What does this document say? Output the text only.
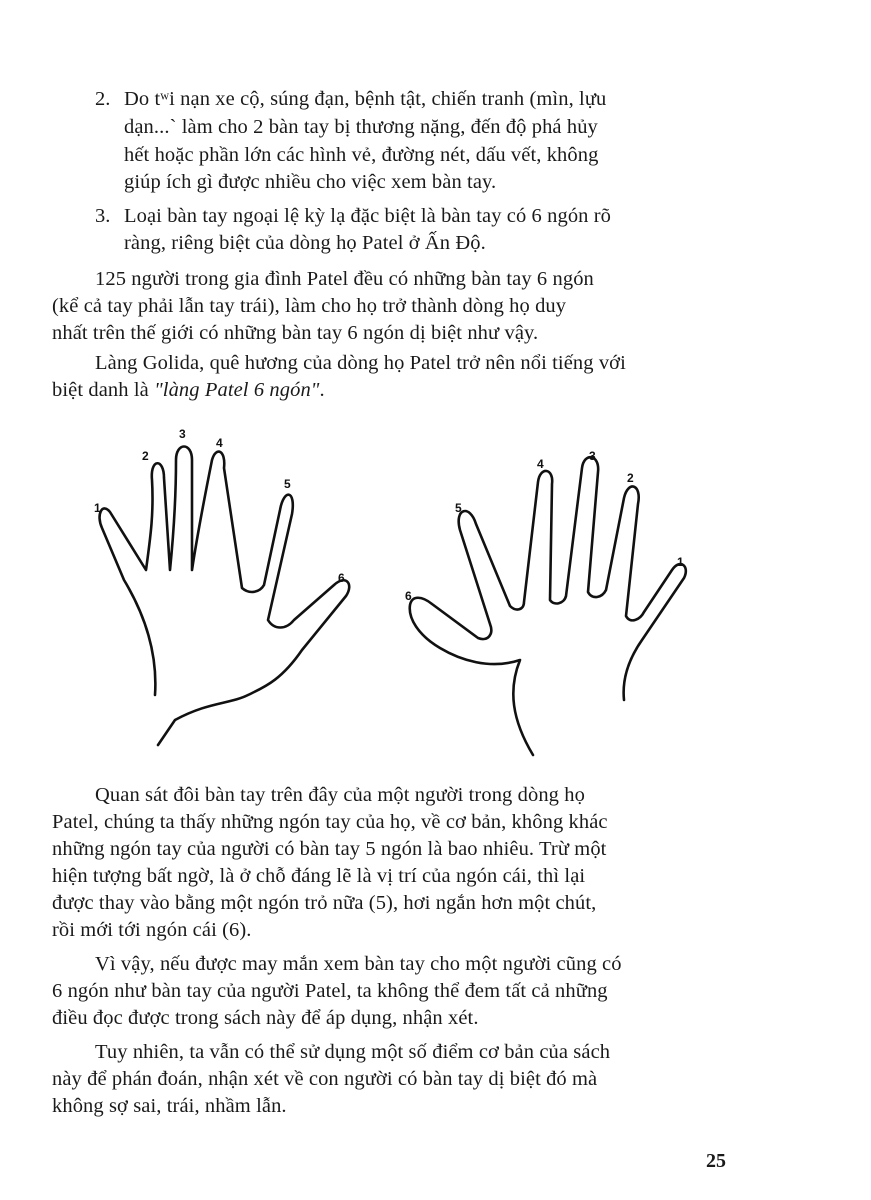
2. Do tʷi nạn xe cộ, súng đạn, bệnh tật, chiến tranh (mìn, lựu
dạn...` làm cho 2 bàn tay bị thương nặng, đến độ phá hủy
hết hoặc phần lớn các hình vẻ, đường nét, dấu vết, không
giúp ích gì được nhiều cho việc xem bàn tay.
3. Loại bàn tay ngoại lệ kỳ lạ đặc biệt là bàn tay có 6 ngón rõ
ràng, riêng biệt của dòng họ Patel ở Ấn Độ.
125 người trong gia đình Patel đều có những bàn tay 6 ngón
(kể cả tay phải lẫn tay trái), làm cho họ trở thành dòng họ duy
nhất trên thế giới có những bàn tay 6 ngón dị biệt như vậy.
Làng Golida, quê hương của dòng họ Patel trở nên nổi tiếng với
biệt danh là "làng Patel 6 ngón".
1
2
3
4
5
6
4
3
2
5
1
6
Quan sát đôi bàn tay trên đây của một người trong dòng họ
Patel, chúng ta thấy những ngón tay của họ, về cơ bản, không khác
những ngón tay của người có bàn tay 5 ngón là bao nhiêu. Trừ một
hiện tượng bất ngờ, là ở chỗ đáng lẽ là vị trí của ngón cái, thì lại
được thay vào bằng một ngón trỏ nữa (5), hơi ngắn hơn một chút,
rồi mới tới ngón cái (6).
Vì vậy, nếu được may mắn xem bàn tay cho một người cũng có
6 ngón như bàn tay của người Patel, ta không thể đem tất cả những
điều đọc được trong sách này để áp dụng, nhận xét.
Tuy nhiên, ta vẫn có thể sử dụng một số điểm cơ bản của sách
này để phán đoán, nhận xét về con người có bàn tay dị biệt đó mà
không sợ sai, trái, nhầm lẫn.
25
